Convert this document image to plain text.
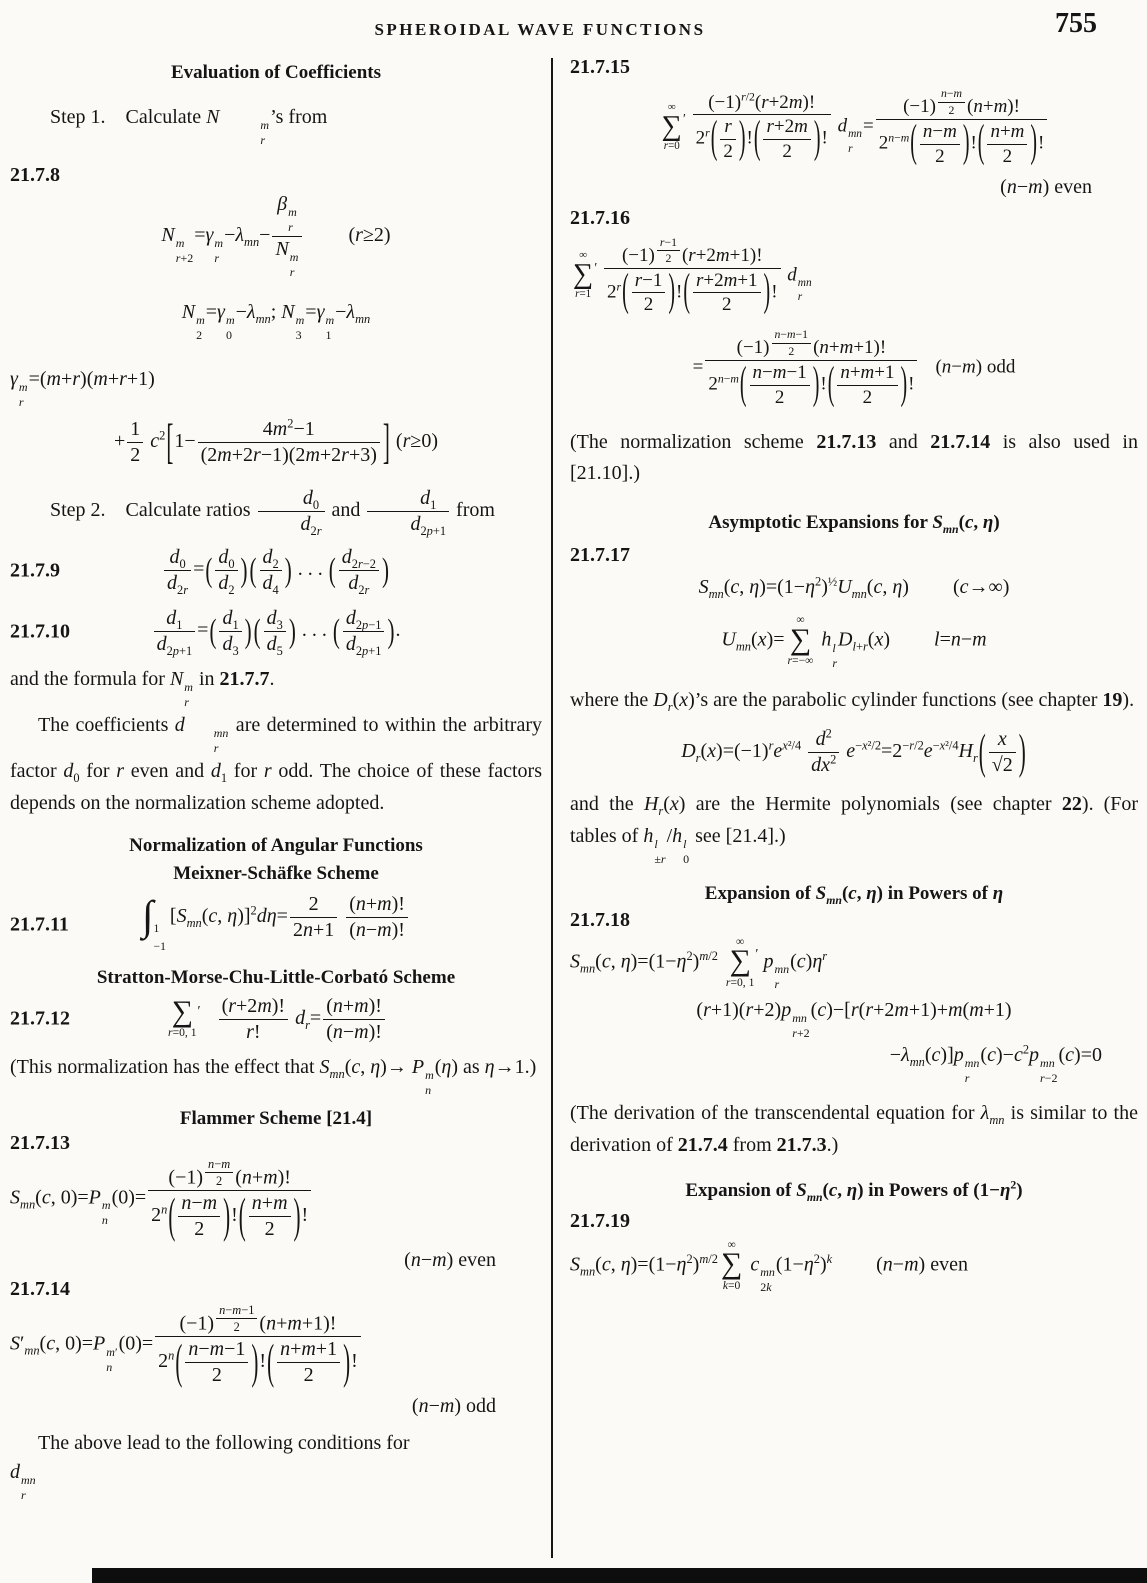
SPHEROIDAL WAVE FUNCTIONS	755
Evaluation of Coefficients
Step 1. Calculate N	m
r
’s from
21.7.8
N m
r+2
=γ m
r
$-\lambda_{mn}- \beta$ m
r
N m
r (r≥2)
N m
2
=γ m
0
$-\lambda_{mn}$; N m
3
=γ m
1
$-\lambda_{mn}$
γ m
r
=(m+r)(m+r+1)
+ $\frac{1}{2} c^2[1- \frac{4m^2-1}{(2m+2r-1)(2m+2r+3)}$ ] (r≥0)
Step 2. Calculate ratios $\frac{d_0}{d_{2r}}$ and $\frac{d_1}{d_{2p+1}}$ from
21.7.9	$\frac{d_0}{d_{2r}}$ =( $\frac{d_0}{d_2}$ )( $\frac{d_2}{d_4}$ ) . . . ( $\frac{d_{2r-2}}{d_{2r}}$ )
21.7.10	$\frac{d_1}{d_{2p+1}}$ =( $\frac{d_1}{d_3}$ )( $\frac{d_3}{d_5}$ ) . . . ( $\frac{d_{2p-1}}{d_{2p+1}}$ ).
and the formula for N m
r
in 21.7.7.
The coefficients d	mn
r
are determined to within the arbitrary factor $d_0$ for r even and $d_1$ for r odd. The choice of these factors depends on the normalization scheme adopted.
Normalization of Angular Functions
Meixner-Schäfke Scheme
21.7.11	∫ 1
−1
[$S_{mn}(c$, $\eta)]^2d\eta= \frac{2}{2n+1}$
$\frac{(n+m)!}{(n-m)!}$
Stratton-Morse-Chu-Little-Corbató Scheme
21.7.12	∑
r=0, 1
$' \frac{(r+2m)!}{r!} d_r= \frac{(n+m)!}{(n-m)!}$
(This normalization has the effect that $S_{mn}(c$, η)→ P m
n
(η) as η→1.)
Flammer Scheme [21.4]
21.7.13
$S_{mn}(c$, 0)=P m
n
(0)= (−1) $^{\frac{n-m}{2}}$ (n+m)!
$2^n( \frac{n-m}{2}$ )!( $\frac{n+m}{2}$ )!
(n−m) even
21.7.14
$S'_{mn}(c$, 0)=P m′
n
(0)= (−1) $^{\frac{n-m-1}{2}}$ (n+m+1)!
$2^n( \frac{n-m-1}{2}$ )!( $\frac{n+m+1}{2}$ )!
(n−m) odd
The above lead to the following conditions for
d mn
r
21.7.15
∞
∑
r=0
$' \frac{(-1)^{r/2}(r+2m)!}{2^r( \frac{r}{2} )!( \frac{r+2m}{2} )!}$ d mn
r
= (−1) $^{\frac{n-m}{2}}$ (n+m)!
$2^{n-m}( \frac{n-m}{2}$ )!( $\frac{n+m}{2}$ )!
(n−m) even
21.7.16
∞
∑
r=1
′ (−1) $^{\frac{r-1}{2}}$ (r+2m+1)!
$2^r( \frac{r-1}{2}$ )!( $\frac{r+2m+1}{2}$ )! d mn
r
= (−1) $^{\frac{n-m-1}{2}}$ (n+m+1)!
$2^{n-m}( \frac{n-m-1}{2}$ )!( $\frac{n+m+1}{2}$ )! (n−m) odd
(The normalization scheme 21.7.13 and 21.7.14 is also used in [21.10].)
Asymptotic Expansions for $S_{mn}(c$, η)
21.7.17
$S_{mn}(c$, $\eta)=(1-\eta^2)^{\frac{1}{2}}U_{mn}(c$, η) (c→∞)
$U_{mn}(x)=$
∞
∑
r=−∞
h l
r
$D_{l+r}(x)$ l=n−m
where the $D_r(x)’s$ are the parabolic cylinder functions (see chapter 19).
$D_r(x)=(-1)^re^{x^2/4} \frac{d^2}{dx^2} e^{-x^2/2}=2^{-r/2}e^{-x^2/4}H_r( \frac{x}{√2}$ )
and the $H_r(x)$ are the Hermite polynomials (see chapter 22). (For tables of h l
±r
/h l
0
see [21.4].)
Expansion of $S_{mn}(c$, η) in Powers of η
21.7.18
$S_{mn}(c$, $\eta)=(1-\eta^2)^{m/2}$
∞
∑
r=0, 1
′ p mn
r
$(c)\eta^r$
(r+1)(r+2)p mn
r+2
(c)−[r(r+2m+1)+m(m+1)
$-\lambda_{mn}(c)]p$ mn
r
$(c)-c^2p$ mn
r−2
(c)=0
(The derivation of the transcendental equation for $\lambda_{mn}$ is similar to the derivation of 21.7.4 from 21.7.3.)
Expansion of $S_{mn}(c$, η) in Powers of $(1-\eta^2)$
21.7.19
$S_{mn}(c$, $\eta)=(1-\eta^2)^{m/2}$
∞
∑
k=0
c mn
2k
$(1-\eta^2)^k$ (n−m) even
